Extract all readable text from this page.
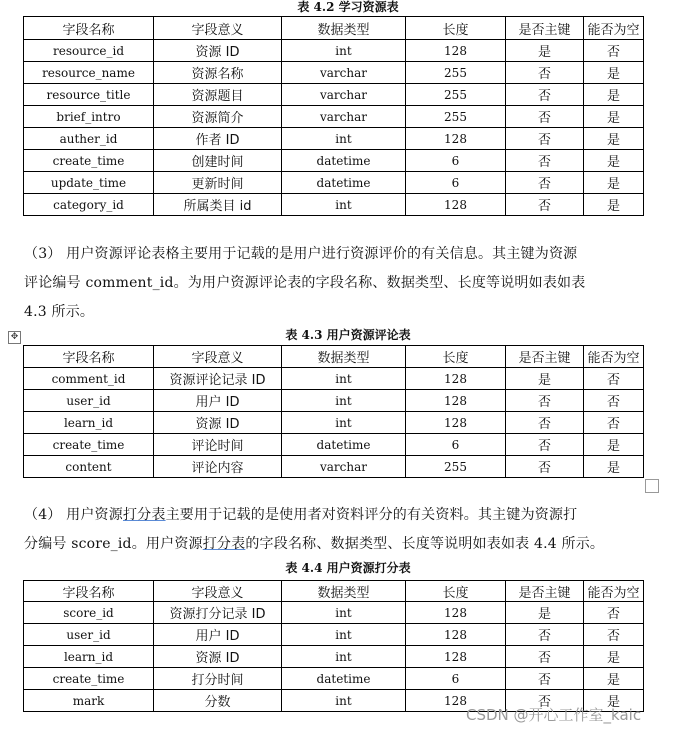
表 4.2 学习资源表
字段名称	字段意义	数据类型	长度	是否主键	能否为空
resource_id	资源 ID	int	128	是	否
resource_name	资源名称	varchar	255	否	是
resource_title	资源题目	varchar	255	否	是
brief_intro	资源简介	varchar	255	否	是
auther_id	作者 ID	int	128	否	是
create_time	创建时间	datetime	6	否	是
update_time	更新时间	datetime	6	否	是
category_id	所属类目 id	int	128	否	是
（3） 用户资源评论表格主要用于记载的是用户进行资源评价的有关信息。其主键为资源
评论编号 comment_id。为用户资源评论表的字段名称、数据类型、长度等说明如表如表
4.3 所示。
✥	表 4.3 用户资源评论表
字段名称	字段意义	数据类型	长度	是否主键	能否为空
comment_id	资源评论记录 ID	int	128	是	否
user_id	用户 ID	int	128	否	否
learn_id	资源 ID	int	128	否	否
create_time	评论时间	datetime	6	否	是
content	评论内容	varchar	255	否	是
（4） 用户资源打分表主要用于记载的是使用者对资料评分的有关资料。其主键为资源打
分编号 score_id。用户资源打分表的字段名称、数据类型、长度等说明如表如表 4.4 所示。
表 4.4 用户资源打分表
字段名称	字段意义	数据类型	长度	是否主键	能否为空
score_id	资源打分记录 ID	int	128	是	否
user_id	用户 ID	int	128	否	否
learn_id	资源 ID	int	128	否	是
create_time	打分时间	datetime	6	否	是
mark	分数	int	128	否	是
CSDN @开心工作室_kaic
